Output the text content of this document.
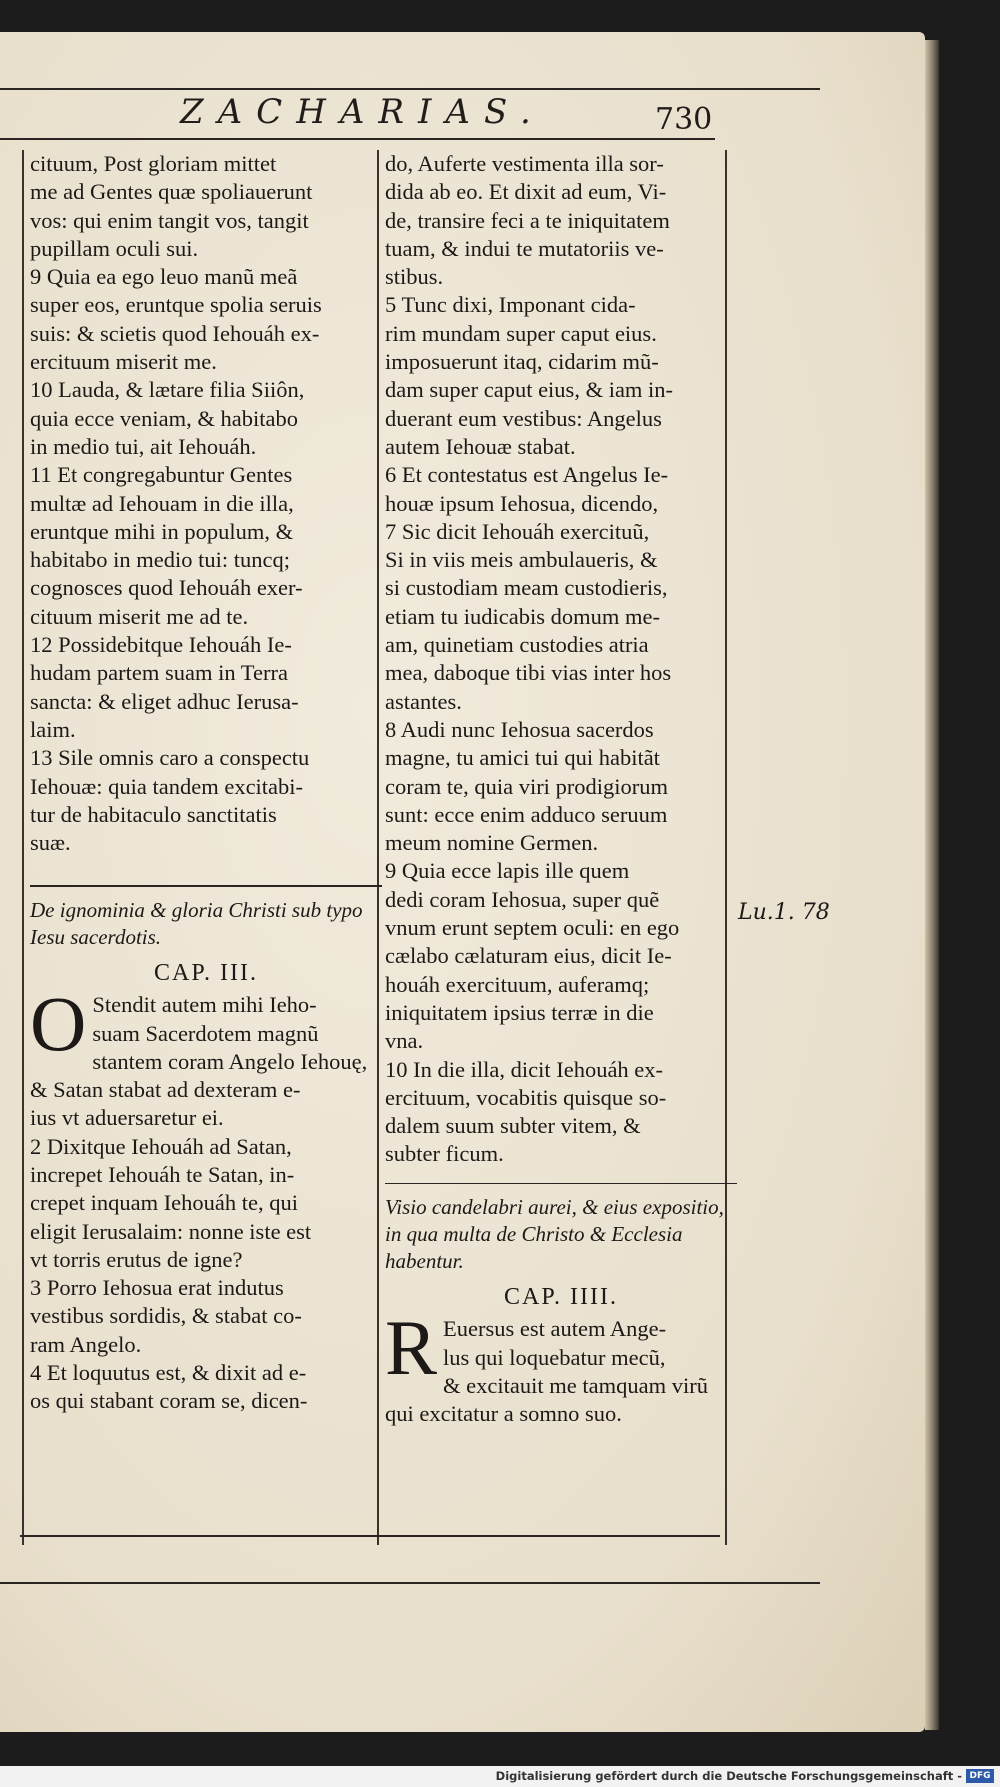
ZACHARIAS.	730
cituum, Post gloriam mittet
me ad Gentes quæ spoliauerunt
vos: qui enim tangit vos, tangit
pupillam oculi sui.
9 Quia ea ego leuo manũ meã
super eos, eruntque spolia seruis
suis: & scietis quod Iehouáh ex-
ercituum miserit me.
10 Lauda, & lætare filia Siiôn,
quia ecce veniam, & habitabo
in medio tui, ait Iehouáh.
11 Et congregabuntur Gentes
multæ ad Iehouam in die illa,
eruntque mihi in populum, &
habitabo in medio tui: tuncq;
cognosces quod Iehouáh exer-
cituum miserit me ad te.
12 Possidebitque Iehouáh Ie-
hudam partem suam in Terra
sancta: & eliget adhuc Ierusa-
laim.
13 Sile omnis caro a conspectu
Iehouæ: quia tandem excitabi-
tur de habitaculo sanctitatis
suæ.

De ignominia & gloria Christi sub typo Iesu sacerdotis.

CAP. III.
O Stendit autem mihi Ieho-
suam Sacerdotem magnũ
stantem coram Angelo Iehouę,
& Satan stabat ad dexteram e-
ius vt aduersaretur ei.
2 Dixitque Iehouáh ad Satan,
increpet Iehouáh te Satan, in-
crepet inquam Iehouáh te, qui
eligit Ierusalaim: nonne iste est
vt torris erutus de igne?
3 Porro Iehosua erat indutus
vestibus sordidis, & stabat co-
ram Angelo.
4 Et loquutus est, & dixit ad e-
os qui stabant coram se, dicen-
do, Auferte vestimenta illa sor-
dida ab eo. Et dixit ad eum, Vi-
de, transire feci a te iniquitatem
tuam, & indui te mutatoriis ve-
stibus.
5 Tunc dixi, Imponant cida-
rim mundam super caput eius.
imposuerunt itaq, cidarim mũ-
dam super caput eius, & iam in-
duerant eum vestibus: Angelus
autem Iehouæ stabat.
6 Et contestatus est Angelus Ie-
houæ ipsum Iehosua, dicendo,
7 Sic dicit Iehouáh exercituũ,
Si in viis meis ambulaueris, &
si custodiam meam custodieris,
etiam tu iudicabis domum me-
am, quinetiam custodies atria
mea, daboque tibi vias inter hos
astantes.
8 Audi nunc Iehosua sacerdos
magne, tu amici tui qui habitãt
coram te, quia viri prodigiorum
sunt: ecce enim adduco seruum
meum nomine Germen.
9 Quia ecce lapis ille quem
dedi coram Iehosua, super quẽ
vnum erunt septem oculi: en ego
cælabo cælaturam eius, dicit Ie-
houáh exercituum, auferamq;
iniquitatem ipsius terræ in die
vna.
10 In die illa, dicit Iehouáh ex-
ercituum, vocabitis quisque so-
dalem suum subter vitem, &
subter ficum.

Visio candelabri aurei, & eius expositio, in qua multa de Christo & Ecclesia habentur.

CAP. IIII.
R Euersus est autem Ange-
lus qui loquebatur mecũ,
& excitauit me tamquam virũ
qui excitatur a somno suo.
Lu.1. 78
Digitalisierung gefördert durch die Deutsche Forschungsgemeinschaft - DFG
